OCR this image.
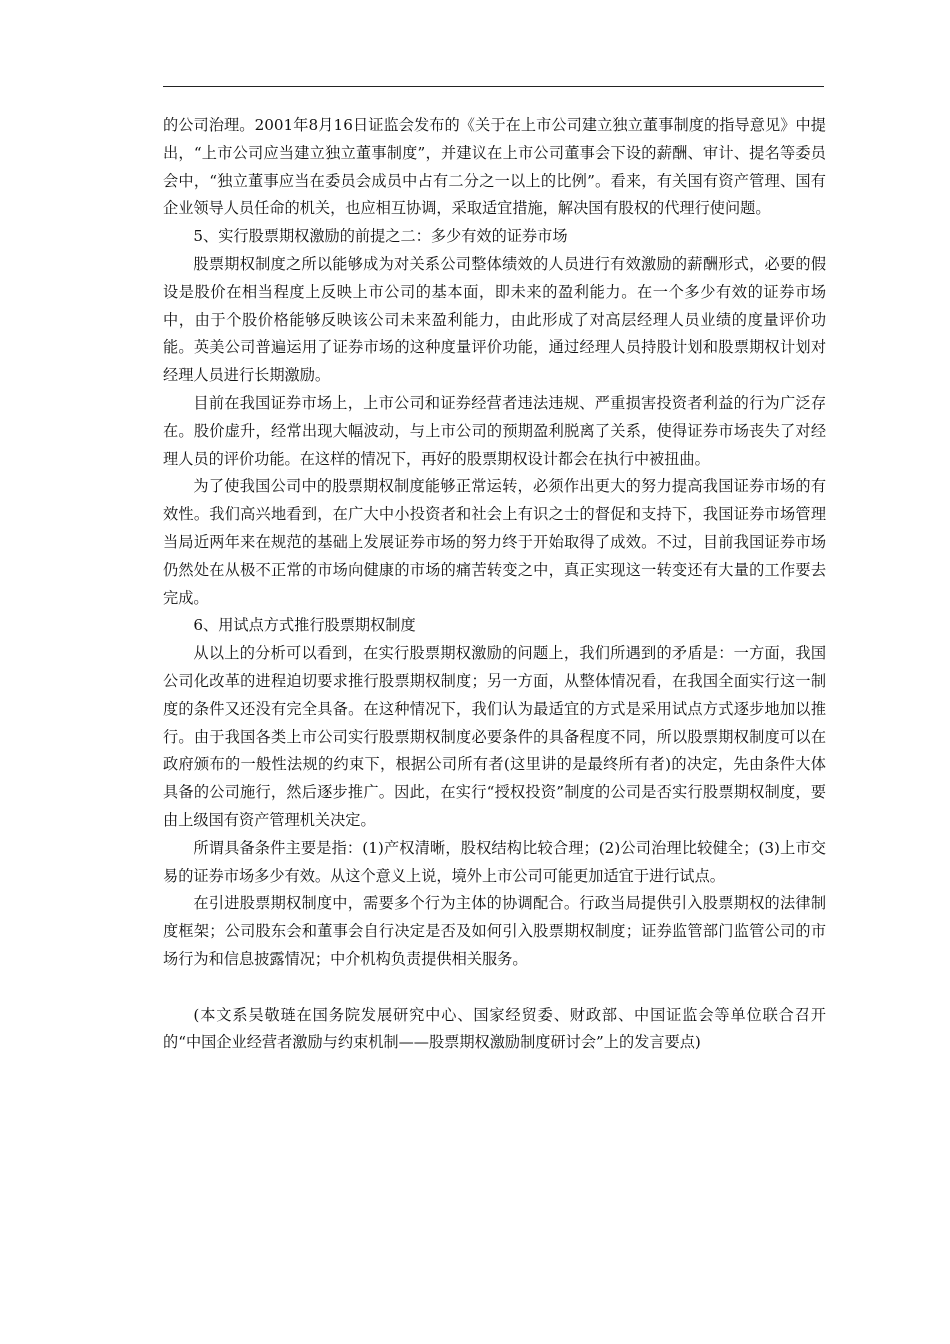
的公司治理。2001年8月16日证监会发布的《关于在上市公司建立独立董事制度的指导意见》中提出，“上市公司应当建立独立董事制度”，并建议在上市公司董事会下设的薪酬、审计、提名等委员会中，“独立董事应当在委员会成员中占有二分之一以上的比例”。看来，有关国有资产管理、国有企业领导人员任命的机关，也应相互协调，采取适宜措施，解决国有股权的代理行使问题。

5、实行股票期权激励的前提之二：多少有效的证券市场

股票期权制度之所以能够成为对关系公司整体绩效的人员进行有效激励的薪酬形式，必要的假设是股价在相当程度上反映上市公司的基本面，即未来的盈利能力。在一个多少有效的证券市场中，由于个股价格能够反映该公司未来盈利能力，由此形成了对高层经理人员业绩的度量评价功能。英美公司普遍运用了证券市场的这种度量评价功能，通过经理人员持股计划和股票期权计划对经理人员进行长期激励。

目前在我国证券市场上，上市公司和证券经营者违法违规、严重损害投资者利益的行为广泛存在。股价虚升，经常出现大幅波动，与上市公司的预期盈利脱离了关系，使得证券市场丧失了对经理人员的评价功能。在这样的情况下，再好的股票期权设计都会在执行中被扭曲。

为了使我国公司中的股票期权制度能够正常运转，必须作出更大的努力提高我国证券市场的有效性。我们高兴地看到，在广大中小投资者和社会上有识之士的督促和支持下，我国证券市场管理当局近两年来在规范的基础上发展证券市场的努力终于开始取得了成效。不过，目前我国证券市场仍然处在从极不正常的市场向健康的市场的痛苦转变之中，真正实现这一转变还有大量的工作要去完成。

6、用试点方式推行股票期权制度

从以上的分析可以看到，在实行股票期权激励的问题上，我们所遇到的矛盾是：一方面，我国公司化改革的进程迫切要求推行股票期权制度；另一方面，从整体情况看，在我国全面实行这一制度的条件又还没有完全具备。在这种情况下，我们认为最适宜的方式是采用试点方式逐步地加以推行。由于我国各类上市公司实行股票期权制度必要条件的具备程度不同，所以股票期权制度可以在政府颁布的一般性法规的约束下，根据公司所有者(这里讲的是最终所有者)的决定，先由条件大体具备的公司施行，然后逐步推广。因此，在实行“授权投资”制度的公司是否实行股票期权制度，要由上级国有资产管理机关决定。

所谓具备条件主要是指：(1)产权清晰，股权结构比较合理；(2)公司治理比较健全；(3)上市交易的证券市场多少有效。从这个意义上说，境外上市公司可能更加适宜于进行试点。

在引进股票期权制度中，需要多个行为主体的协调配合。行政当局提供引入股票期权的法律制度框架；公司股东会和董事会自行决定是否及如何引入股票期权制度；证券监管部门监管公司的市场行为和信息披露情况；中介机构负责提供相关服务。

(本文系吴敬琏在国务院发展研究中心、国家经贸委、财政部、中国证监会等单位联合召开的“中国企业经营者激励与约束机制——股票期权激励制度研讨会”上的发言要点)
